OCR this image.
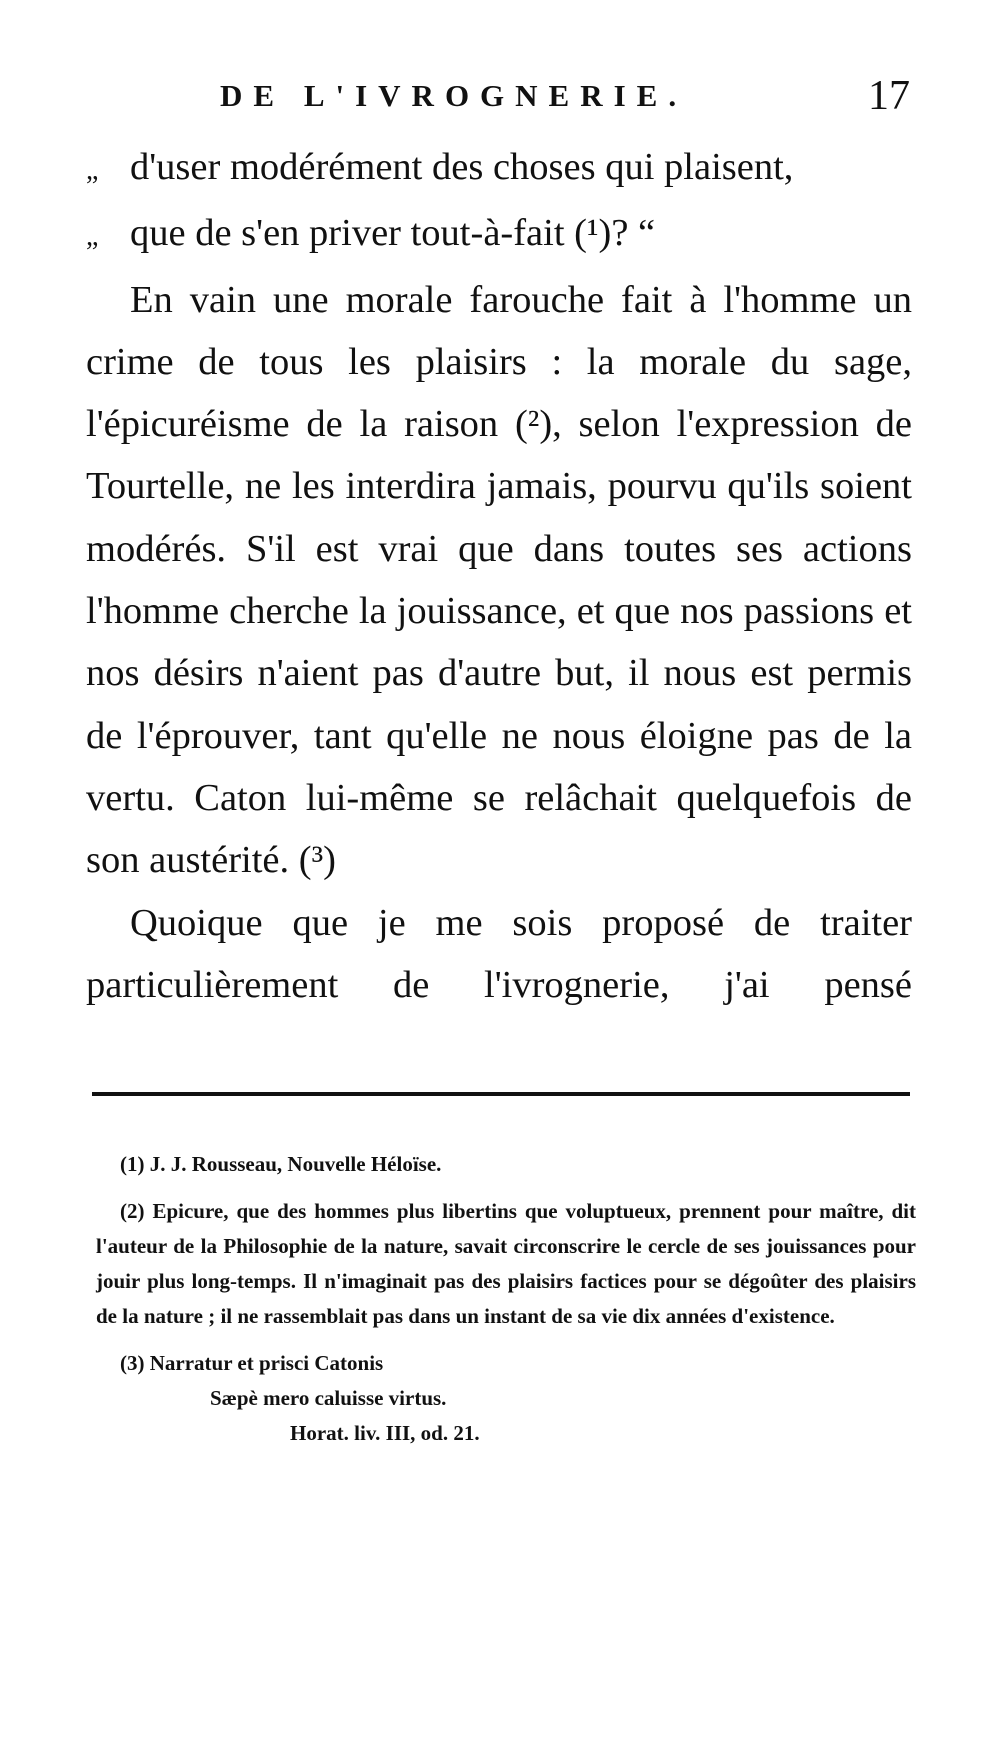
DE L'IVROGNERIE.	17

„ d'user modérément des choses qui plaisent,
„ que de s'en priver tout-à-fait (¹)? “

En vain une morale farouche fait à l'homme un crime de tous les plaisirs : la morale du sage, l'épicuréisme de la raison (²), selon l'expression de Tourtelle, ne les interdira jamais, pourvu qu'ils soient modérés. S'il est vrai que dans toutes ses actions l'homme cherche la jouissance, et que nos passions et nos désirs n'aient pas d'autre but, il nous est permis de l'éprouver, tant qu'elle ne nous éloigne pas de la vertu. Caton lui-même se relâchait quelquefois de son austérité. (³)

Quoique que je me sois proposé de traiter particulièrement de l'ivrognerie, j'ai pensé

(1) J. J. Rousseau, Nouvelle Héloïse.

(2) Epicure, que des hommes plus libertins que voluptueux, prennent pour maître, dit l'auteur de la Philosophie de la nature, savait circonscrire le cercle de ses jouissances pour jouir plus long-temps. Il n'imaginait pas des plaisirs factices pour se dégoûter des plaisirs de la nature ; il ne rassemblait pas dans un instant de sa vie dix années d'existence.

(3) Narratur et prisci Catonis

Sæpè mero caluisse virtus.

Horat. liv. III, od. 21.
